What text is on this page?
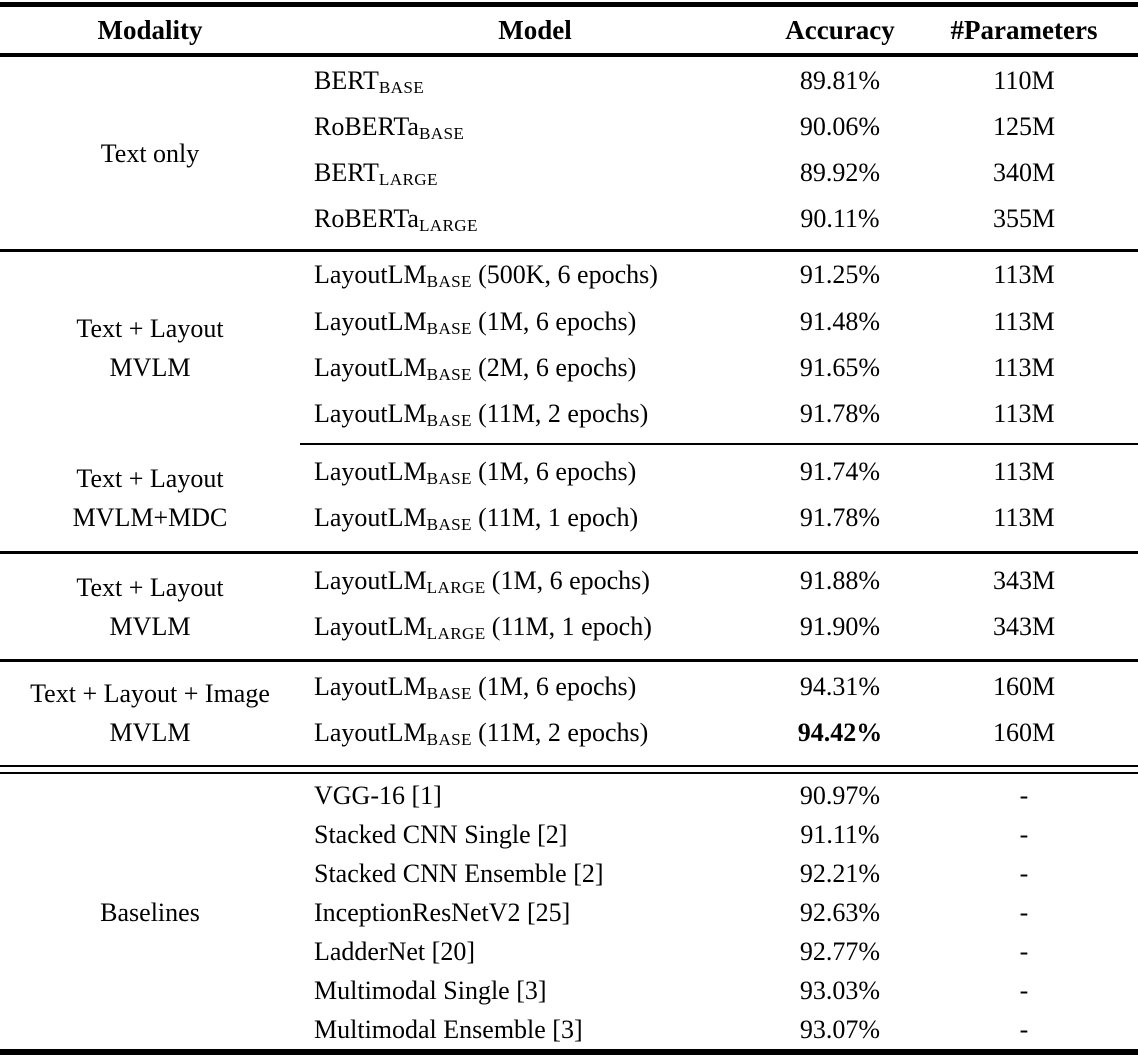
Modality	Model	Accuracy	#Parameters
Text only
BERTBASE	89.81%	110M
RoBERTaBASE	90.06%	125M
BERTLARGE	89.92%	340M
RoBERTaLARGE	90.11%	355M
Text + Layout
MVLM
LayoutLMBASE (500K, 6 epochs)	91.25%	113M
LayoutLMBASE (1M, 6 epochs)	91.48%	113M
LayoutLMBASE (2M, 6 epochs)	91.65%	113M
LayoutLMBASE (11M, 2 epochs)	91.78%	113M
Text + Layout
MVLM+MDC
LayoutLMBASE (1M, 6 epochs)	91.74%	113M
LayoutLMBASE (11M, 1 epoch)	91.78%	113M
Text + Layout
MVLM
LayoutLMLARGE (1M, 6 epochs)	91.88%	343M
LayoutLMLARGE (11M, 1 epoch)	91.90%	343M
Text + Layout + Image
MVLM
LayoutLMBASE (1M, 6 epochs)	94.31%	160M
LayoutLMBASE (11M, 2 epochs)	94.42%	160M
Baselines
VGG-16 [1]	90.97%	-
Stacked CNN Single [2]	91.11%	-
Stacked CNN Ensemble [2]	92.21%	-
InceptionResNetV2 [25]	92.63%	-
LadderNet [20]	92.77%	-
Multimodal Single [3]	93.03%	-
Multimodal Ensemble [3]	93.07%	-
